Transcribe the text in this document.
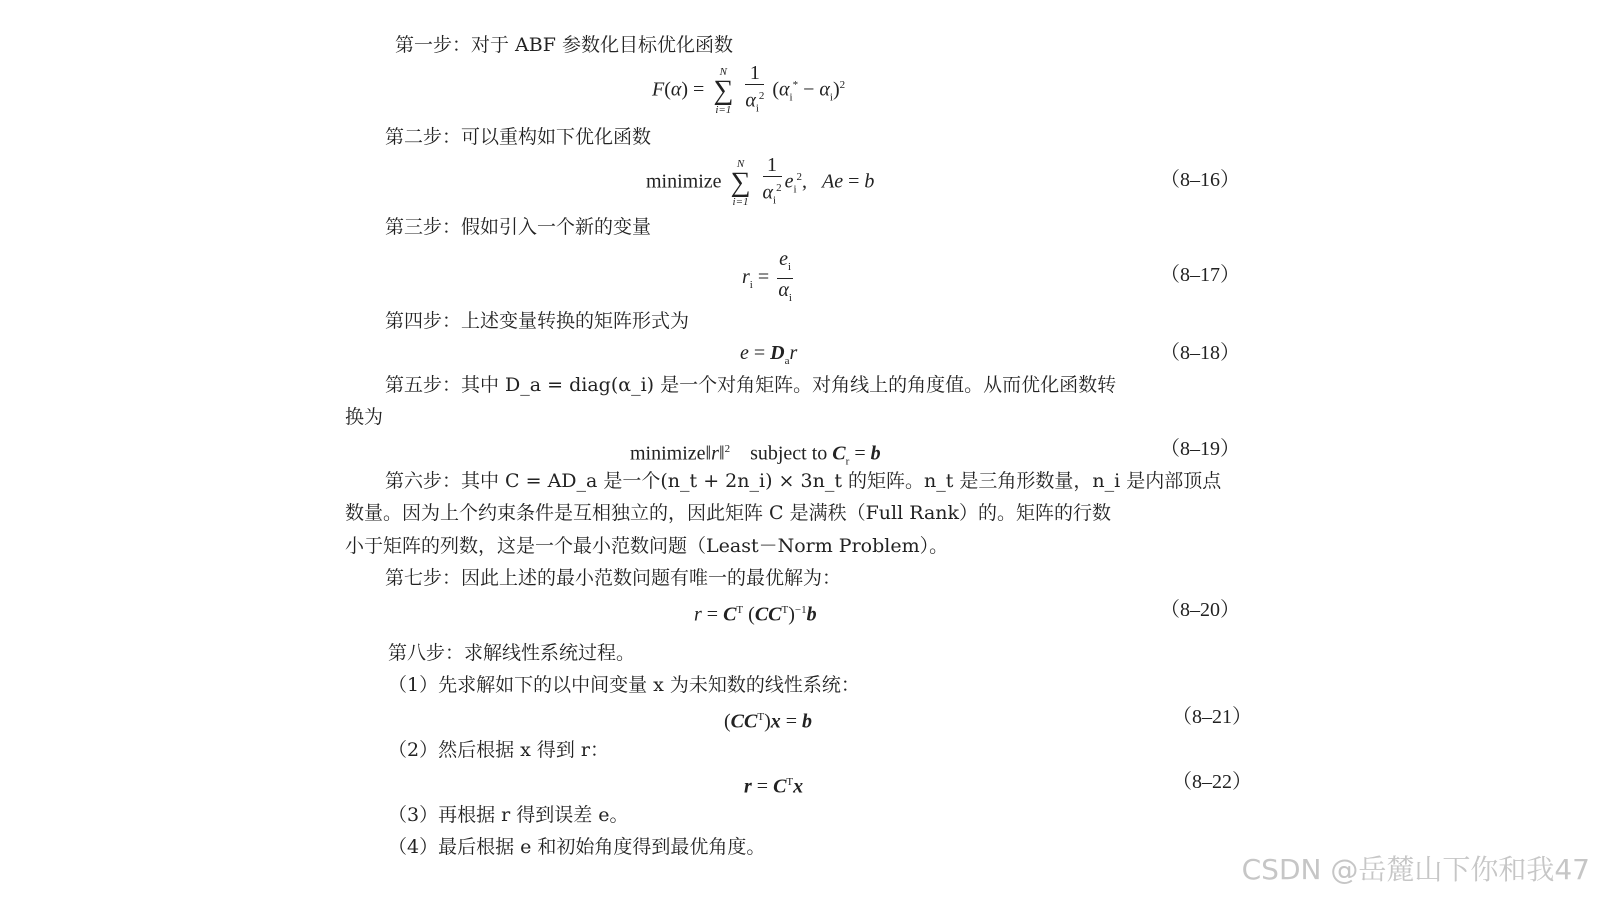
第一步：对于 ABF 参数化目标优化函数
F(α) =
N
∑
i=1
$\frac{1}{\alpha_i^2} (\alpha_i^* - \alpha_i)^2$
第二步：可以重构如下优化函数
minimize
N
∑
i=1
$\frac{1}{\alpha_i^2} e_i^2$,   Ae = b	（8–16）
第三步：假如引入一个新的变量
$r_i = \frac{e_i}{\alpha_i}$	（8–17）
第四步：上述变量转换的矩阵形式为
$e = D_ar$	（8–18）
第五步：其中 D_a = diag(α_i) 是一个对角矩阵。对角线上的角度值。从而优化函数转
换为
minimize‖r‖$^2$    subject to $C_r = b$	（8–19）
第六步：其中 C = AD_a 是一个(n_t + 2n_i) × 3n_t 的矩阵。n_t 是三角形数量，n_i 是内部顶点
数量。因为上个约束条件是互相独立的，因此矩阵 C 是满秩（Full Rank）的。矩阵的行数
小于矩阵的列数，这是一个最小范数问题（Least－Norm Problem）。
第七步：因此上述的最小范数问题有唯一的最优解为：
$r = C^T$ $(CC^T)^{-1}b$	（8–20）
第八步：求解线性系统过程。
（1）先求解如下的以中间变量 x 为未知数的线性系统：
$(CC^T)x = b$	（8–21）
（2）然后根据 x 得到 r：
$r = C^Tx$	（8–22）
（3）再根据 r 得到误差 e。
（4）最后根据 e 和初始角度得到最优角度。
CSDN @岳麓山下你和我47
